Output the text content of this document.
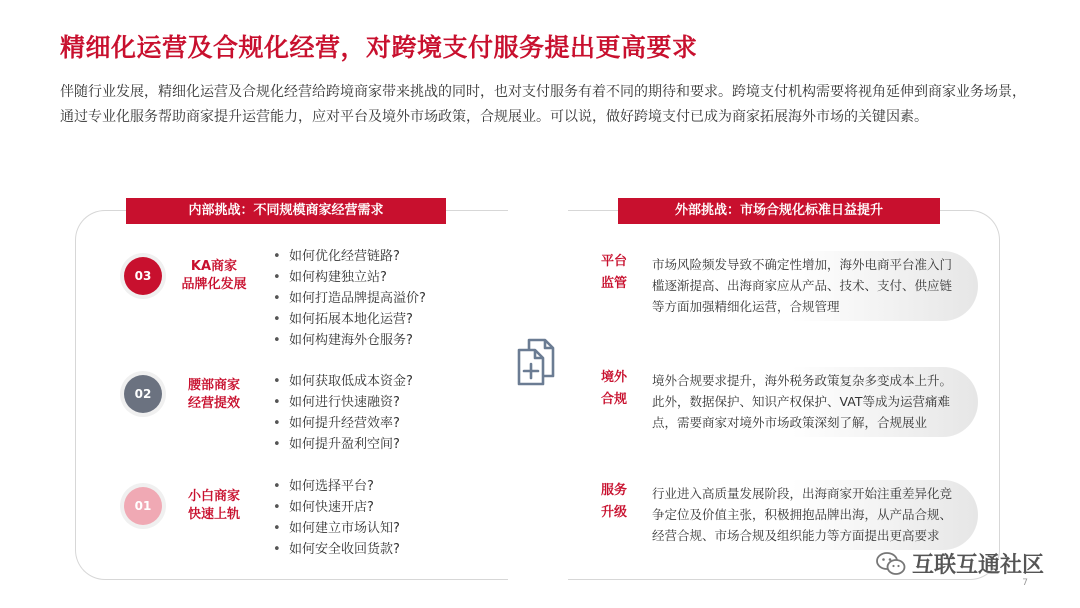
精细化运营及合规化经营，对跨境支付服务提出更高要求
伴随行业发展，精细化运营及合规化经营给跨境商家带来挑战的同时，也对支付服务有着不同的期待和要求。跨境支付机构需要将视角延伸到商家业务场景，通过专业化服务帮助商家提升运营能力，应对平台及境外市场政策，合规展业。可以说，做好跨境支付已成为商家拓展海外市场的关键因素。
内部挑战：不同规模商家经营需求
03
KA商家
品牌化发展
• 如何优化经营链路?
• 如何构建独立站?
• 如何打造品牌提高溢价?
• 如何拓展本地化运营?
• 如何构建海外仓服务?
02
腰部商家
经营提效
• 如何获取低成本资金?
• 如何进行快速融资?
• 如何提升经营效率?
• 如何提升盈利空间?
01
小白商家
快速上轨
• 如何选择平台?
• 如何快速开店?
• 如何建立市场认知?
• 如何安全收回货款?
外部挑战：市场合规化标准日益提升
平台
监管
市场风险频发导致不确定性增加，海外电商平台准入门槛逐渐提高、出海商家应从产品、技术、支付、供应链等方面加强精细化运营，合规管理
境外
合规
境外合规要求提升，海外税务政策复杂多变成本上升。此外，数据保护、知识产权保护、VAT等成为运营痛难点，需要商家对境外市场政策深刻了解，合规展业
服务
升级
行业进入高质量发展阶段，出海商家开始注重差异化竞争定位及价值主张，积极拥抱品牌出海，从产品合规、经营合规、市场合规及组织能力等方面提出更高要求
互联互通社区
7
